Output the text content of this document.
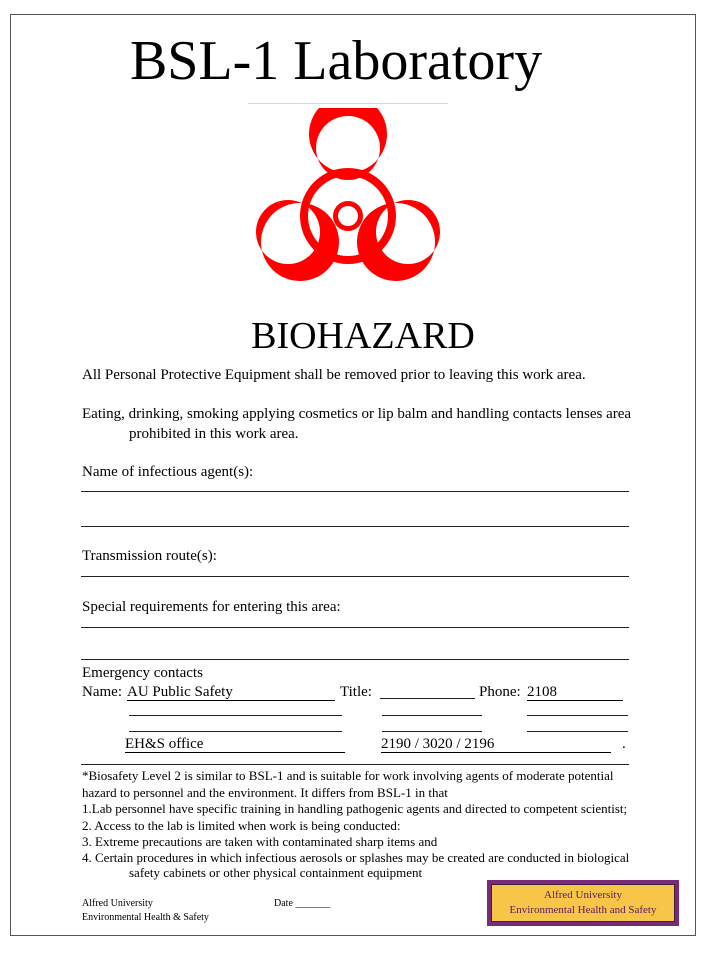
BSL-1 Laboratory
BIOHAZARD
All Personal Protective Equipment shall be removed prior to leaving this work area.
Eating, drinking, smoking applying cosmetics or lip balm and handling contacts lenses area
prohibited in this work area.
Name of infectious agent(s):
Transmission route(s):
Special requirements for entering this area:
Emergency contacts
Name: AU Public Safety	Title:	Phone: 2108
EH&S office	2190 / 3020 / 2196	.
*Biosafety Level 2 is similar to BSL-1 and is suitable for work involving agents of moderate potential
hazard to personnel and the environment. It differs from BSL-1 in that
1.Lab personnel have specific training in handling pathogenic agents and directed to competent scientist;
2. Access to the lab is limited when work is being conducted:
3. Extreme precautions are taken with contaminated sharp items and
4. Certain procedures in which infectious aerosols or splashes may be created are conducted in biological
safety cabinets or other physical containment equipment
Alfred University
Environmental Health & Safety
Date _______
Alfred University
Environmental Health and Safety
